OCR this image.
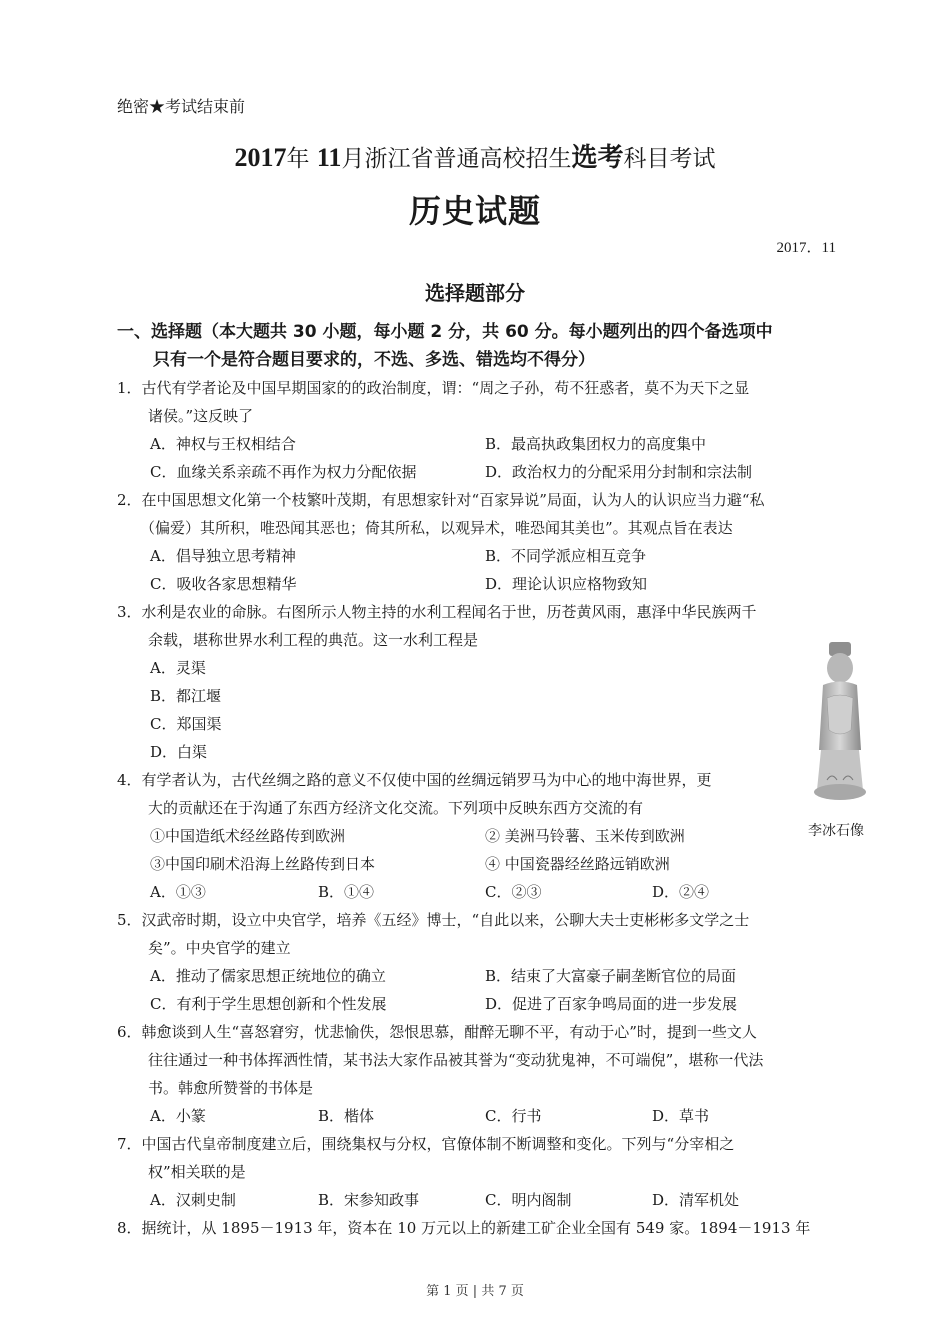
绝密★考试结束前
2017年 11月浙江省普通高校招生选考科目考试
历史试题
2017．11
选择题部分
一、选择题（本大题共 30 小题，每小题 2 分，共 60 分。每小题列出的四个备选项中
只有一个是符合题目要求的，不选、多选、错选均不得分）
1．古代有学者论及中国早期国家的的政治制度，谓：“周之子孙，苟不狂惑者，莫不为天下之显
诸侯。”这反映了
A．神权与王权相结合	B．最高执政集团权力的高度集中
C．血缘关系亲疏不再作为权力分配依据	D．政治权力的分配采用分封制和宗法制
2．在中国思想文化第一个枝繁叶茂期，有思想家针对“百家异说”局面，认为人的认识应当力避“私
（偏爱）其所积，唯恐闻其恶也；倚其所私，以观异术，唯恐闻其美也”。其观点旨在表达
A．倡导独立思考精神	B．不同学派应相互竞争
C．吸收各家思想精华	D．理论认识应格物致知
3．水利是农业的命脉。右图所示人物主持的水利工程闻名于世，历苍黄风雨，惠泽中华民族两千
余载，堪称世界水利工程的典范。这一水利工程是
A．灵渠
B．都江堰
C．郑国渠
D．白渠
李冰石像
4．有学者认为，古代丝绸之路的意义不仅使中国的丝绸远销罗马为中心的地中海世界，更
大的贡献还在于沟通了东西方经济文化交流。下列项中反映东西方交流的有
①中国造纸术经丝路传到欧洲	② 美洲马铃薯、玉米传到欧洲
③中国印刷术沿海上丝路传到日本	④ 中国瓷器经丝路远销欧洲
A．①③	B．①④	C．②③	D．②④
5．汉武帝时期，设立中央官学，培养《五经》博士，“自此以来，公聊大夫士吏彬彬多文学之士
矣”。中央官学的建立
A．推动了儒家思想正统地位的确立	B．结束了大富豪子嗣垄断官位的局面
C．有利于学生思想创新和个性发展	D．促进了百家争鸣局面的进一步发展
6．韩愈谈到人生“喜怒窘穷，忧悲愉佚，怨恨思慕，酣醉无聊不平，有动于心”时，提到一些文人
往往通过一种书体挥洒性情，某书法大家作品被其誉为“变动犹鬼神，不可端倪”，堪称一代法
书。韩愈所赞誉的书体是
A．小篆	B．楷体	C．行书	D．草书
7．中国古代皇帝制度建立后，围绕集权与分权，官僚体制不断调整和变化。下列与“分宰相之
权”相关联的是
A．汉刺史制	B．宋参知政事	C．明内阁制	D．清军机处
8．据统计，从 1895－1913 年，资本在 10 万元以上的新建工矿企业全国有 549 家。1894－1913 年
第 1 页 | 共 7 页
